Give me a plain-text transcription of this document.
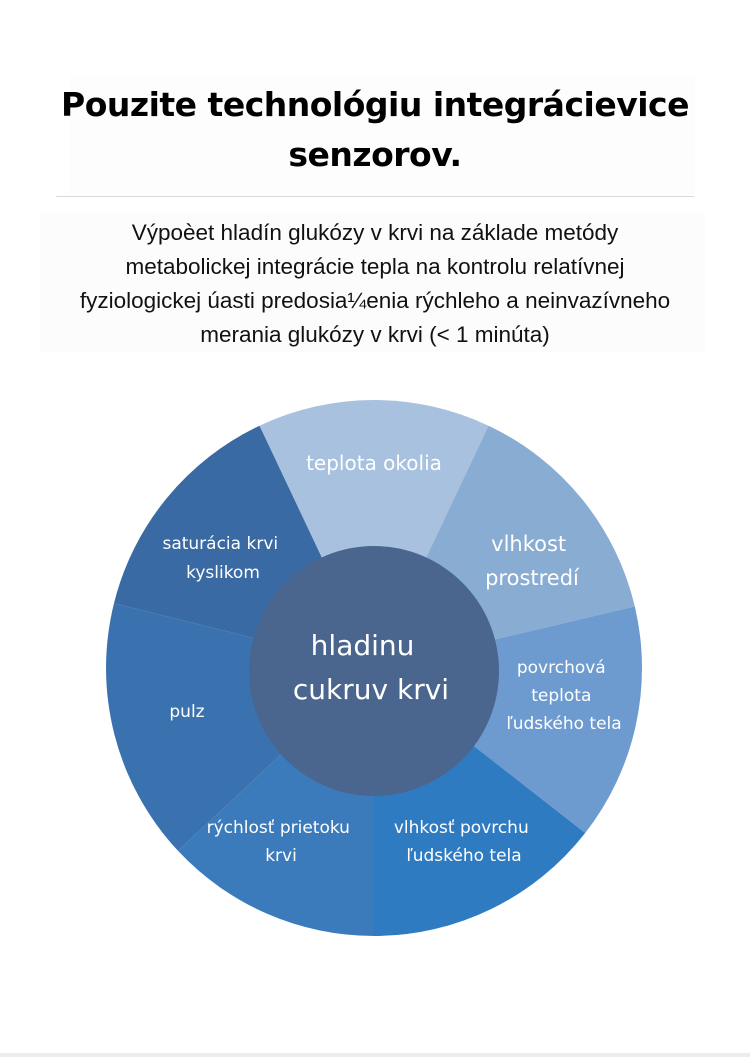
Pouzite technológiu integrácievice
senzorov.
Výpoèet hladín glukózy v krvi na základe metódy
metabolickej integrácie tepla na kontrolu relatívnej
fyziologickej úasti predosia¼enia rýchleho a neinvazívneho
merania glukózy v krvi (< 1 minúta)
teplota okolia
vlhkost prostredí
povrchová teplota ľudského tela
vlhkosť povrchu ľudského tela
rýchlosť prietoku krvi
pulz
saturácia krvi kyslikom
hladinu cukruv krvi
